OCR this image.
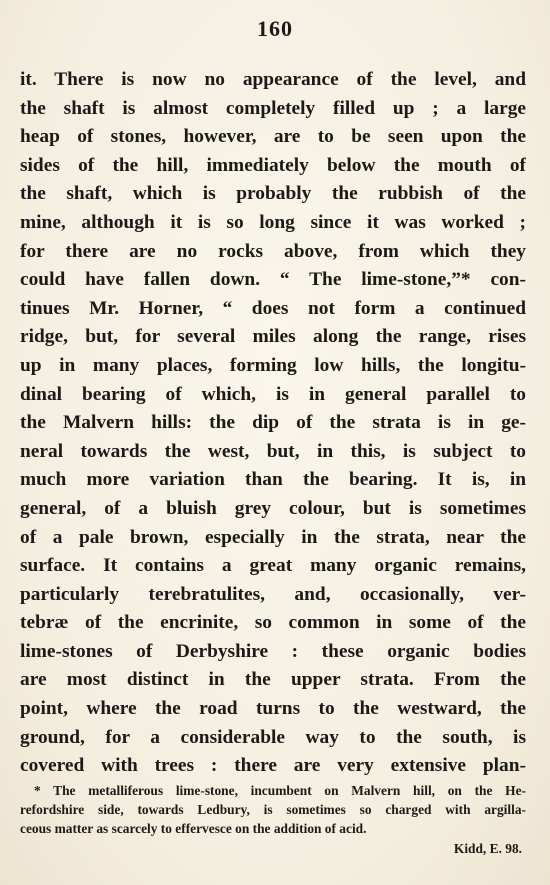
160
it. There is now no appearance of the level, and
the shaft is almost completely filled up ; a large
heap of stones, however, are to be seen upon the
sides of the hill, immediately below the mouth of
the shaft, which is probably the rubbish of the
mine, although it is so long since it was worked ;
for there are no rocks above, from which they
could have fallen down. “ The lime-stone,”* con-
tinues Mr. Horner, “ does not form a continued
ridge, but, for several miles along the range, rises
up in many places, forming low hills, the longitu-
dinal bearing of which, is in general parallel to
the Malvern hills: the dip of the strata is in ge-
neral towards the west, but, in this, is subject to
much more variation than the bearing. It is, in
general, of a bluish grey colour, but is sometimes
of a pale brown, especially in the strata, near the
surface. It contains a great many organic remains,
particularly terebratulites, and, occasionally, ver-
tebræ of the encrinite, so common in some of the
lime-stones of Derbyshire : these organic bodies
are most distinct in the upper strata. From the
point, where the road turns to the westward, the
ground, for a considerable way to the south, is
covered with trees : there are very extensive plan-
* The metalliferous lime-stone, incumbent on Malvern hill, on the He-
refordshire side, towards Ledbury, is sometimes so charged with argilla-
ceous matter as scarcely to effervesce on the addition of acid.
Kidd, E. 98.
